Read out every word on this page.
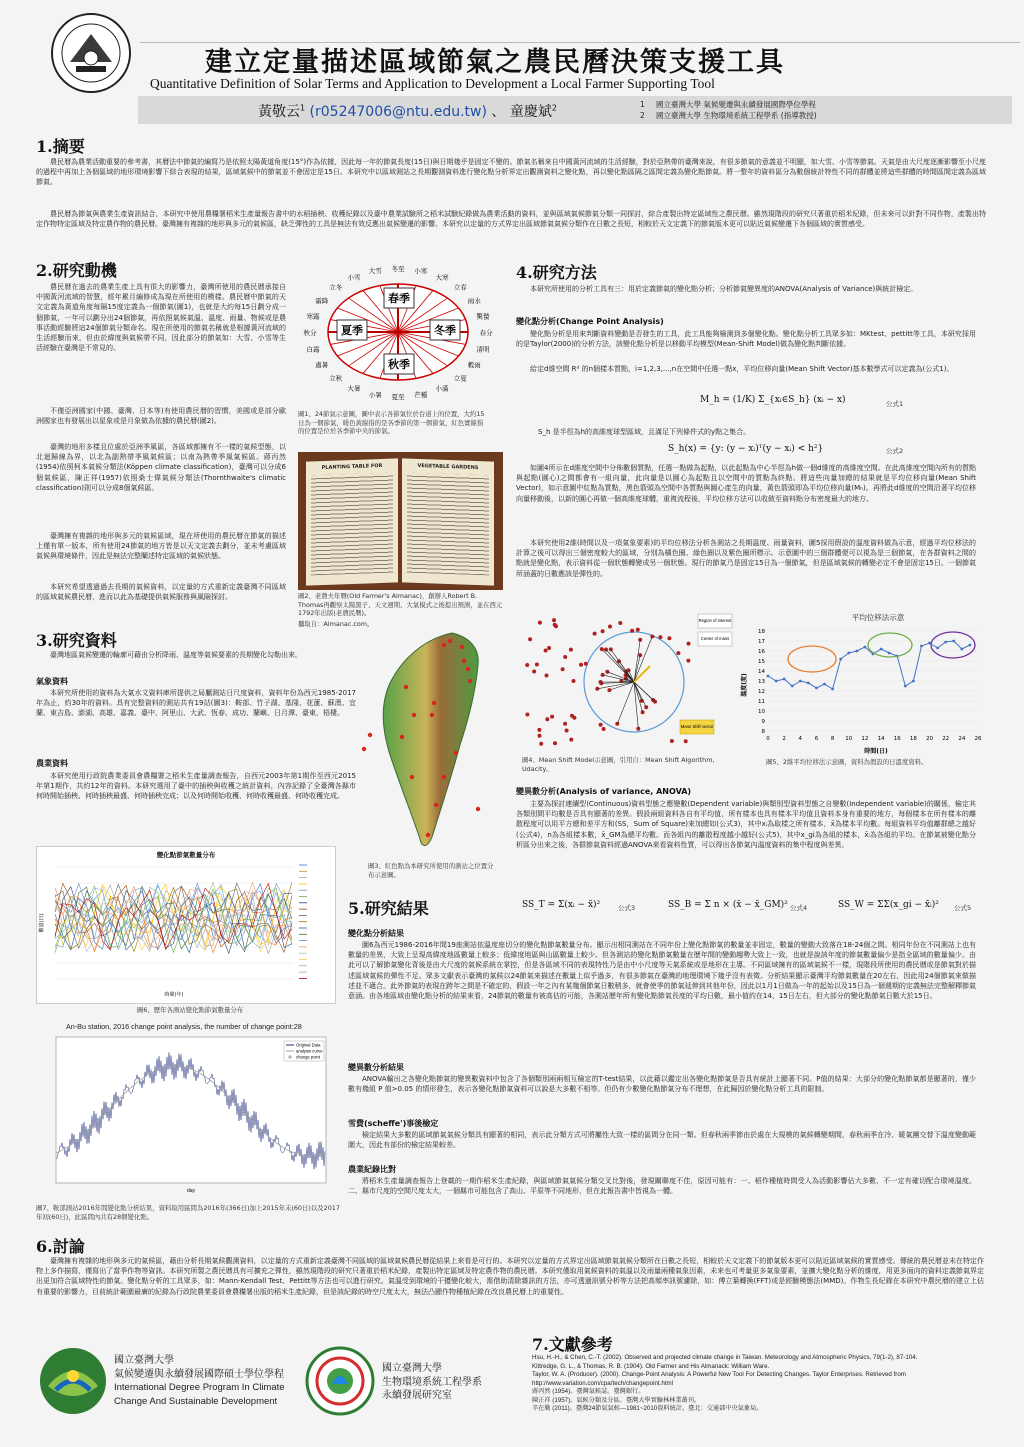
建立定量描述區域節氣之農民曆決策支援工具
Quantitative Definition of Solar Terms and Application to Development a Local Farmer Supporting Tool
黃敬云$^1$ (r05247006@ntu.edu.tw) 、 童慶斌$^2$	1 國立臺灣大學 氣候變遷與永續發展國際學位學程
2 國立臺灣大學 生物環境系統工程學系 (指導教授)
1.摘要
農民曆為農業活動重要的參考書，其曆法中節氣的編寫乃是依照太陽黃道角度(15°)作為依據，因此每一年的節氣長度(15日)與日期幾乎是固定不變的。節氣名稱來自中國黃河流域的生活經驗，對於亞熱帶的臺灣來說，有很多節氣的意義並不明顯，如大雪、小雪等節氣。天氣是由大尺度逐漸影響至小尺度的過程中再加上各個區域的地形環境影響下綜合表現的結果，區域氣候中的節氣並不會固定是15日。本研究中以區域測站之長期觀測資料進行變化點分析界定出觀測資料之變化點，再以變化點區隔之區間定義為變化點節氣。將一整年的資料區分為數個統計特性不同的群體並將這些群體的時間區間定義為區域節氣。
農民曆為節氣與農業生產資訊結合，本研究中使用農糧署稻米生產量報告書中的水稻插秧、收穫紀錄以及臺中農業試驗所之稻米試驗紀錄做為農業活動的資料，並與區域氣候節氣分類一同探討，綜合產製出特定區域性之農民曆。雖然現階段的研究只著重於稻米紀錄，但未來可以針對不同作物，產製出特定作物特定區域及特定農作物的農民曆。臺灣擁有複雜的地形與多元的氣候區，缺乏彈性的工具是無法有效反應出氣候變遷的影響。本研究以定量的方式界定出區域節氣氣候分類作在日數之長短，相較於天文定義下的節氣版本更可以貼近氣候變遷下各個區域的實質感受。
2.研究動機
農民曆在過去的農業生產上具有很大的影響力，臺灣所使用的農民曆承接自中國黃河流域的智慧，經年累月編修成為現在所使用的模樣。農民曆中節氣的天文定義為黃道角度每隔15度定義為一個節氣(圖1)，也就是大約每15日劃分成一個節氣，一年可以劃分出24個節氣，再依照氣候氣溫、溫度、雨量、物候或是農事活動經驗將這24個節氣分類命名。現在所使用的節氣名稱就是根據黃河流域的生活經驗而來，但由於緯度與氣候帶不同，因此部分的節氣如：大雪、小雪等生活經驗在臺灣是不常見的。
不僅亞洲國家(中國、臺灣、日本等)有使用農民曆的習慣，美國或是部分歐洲國家也有發展出以星象或是月象做為依據的農民曆(圖2)。
臺灣的地形多樣且位處於亞洲季風區，各區域都擁有不一樣的氣候型態，以北迴歸線為界，以北為副熱帶季風氣候區；以南為熱帶季風氣候區。蔣丙然(1954)依照柯本氣候分類法(Köppen climate classification)，臺灣可以分成6個氣候區，陳正祥(1957)依照桑士偉氣候分類法(Thornthwaite's climatic classification)則可以分成8個氣候區。
臺灣擁有複雜的地形與多元的氣候區域，現在所使用的農民曆在節氣的描述上僅有單一版本，所有使用24節氣的地方皆是以天文定義去劃分，並未考慮區域氣候與環境條件，因此是無法完整闡述特定區域的氣候狀態。
本研究希望透過過去長期的氣候資料，以定量的方式重新定義臺灣不同區域的區域氣候農民曆，進而以此為基礎提供氣候服務與風險探討。
夏季
春季
冬季
秋季
立春
雨水
驚蟄
春分
清明
穀雨
立夏
小滿
芒種
夏至
小暑
大暑
立秋
處暑
白露
秋分
寒露
霜降
立冬
小雪
大雪 冬至 小寒
大寒
圖1、24節氣示意圖，圖中表示各節氣位於台道上的位置，大約15日為一個節氣，暖色黃線指的是各季節的第一個節氣，紅色實線指的位置是位於各季節中央的節氣。
PLANTING TABLE FOR	VEGETABLE GARDENS
圖2、老農夫年曆(Old Farmer's Almanac)，創辦人Robert B. Thomas再觀察太陽黑子、天文週期、大氣模式之後提出預測，並在西元1792年出版(老農民曆)。
攝取自：Almanac.com。
3.研究資料
臺灣地區氣候變遷的輪廓可藉由分析降雨、溫度等氣候要素的長期變化勾勒出來。
氣象資料
本研究所使用的資料為大氣水文資料庫所提供之局屬測站日尺度資料，資料年份為西元1985-2017年為止，約30年的資料。具有完整資料的測站共有19站(圖3)：鞍部、竹子湖、基隆、花蓮、蘇澳、宜蘭、東吉島、澎湖、高雄、嘉義、臺中、阿里山、大武、恆春、成功、蘭嶼、日月潭、臺東、梧棲。
農業資料
本研究使用行政院農業委員會農糧署之稻米生產量調查報告，自西元2003年第1期作至西元2015年第1期作，共約12年的資料。本研究選用了臺中的插秧與收穫之統計資料，內容記錄了全臺灣各縣市何時開始插秧、何時插秧最盛、何時插秧完成；以及何時開始收穫、何時收穫最盛、何時收穫完成。
圖3、紅色點為本研究所使用的測站之位置分布示意圖。
變化點節氣數量分布
時間(年)
數量(日)
圖6、歷年各測站變化點節氣數量分布
An-Bu station, 2016 change point analysis, the number of change point:28
Original Data
analysis curve
change point
day
圖7、鞍部測站2016年間變化點分析結果，資料取用區間為2016年(366日)加上2015年末(60日)以及2017年初(60日)，此區間內共有28個變化點。
4.研究方法
本研究所使用的分析工具有三：用於定義節氣的變化點分析；分析節氣變異度的ANOVA(Analysis of Variance)與統計檢定。
變化點分析(Change Point Analysis)
變化點分析是用來判斷資料變動是否發生的工具，此工具能夠檢測到多個變化點。變化點分析工具眾多如：MKtest、pettitt等工具，本研究採用的是Taylor(2000)的分析方法，該變化點分析是以移動平均模型(Mean-Shift Model)做為變化點判斷依據。
給定d維空間 Rᵈ 的n個樣本質點，i=1,2,3,...,n在空間中任選一點x，平均位移向量(Mean Shift Vector)基本數學式可以定義為(公式1)。
M_h = (1/K) Σ_{xᵢ∈S_h} (xᵢ − x)	公式1
S_h 是半徑為h的高維度球型區域，且滿足下列條件式的y點之集合。
S_h(x) = {y: (y − xᵢ)ᵀ(y − xᵢ) < h²}	公式2
如圖4所示在d維度空間中分佈數個質點，任選一點做為起點，以此起點為中心半徑為h做一個d維度的高維度空間。在此高維度空間內所有的質點與起點(圓心)之間都會有一組向量，此向量是以圓心為起點且以空間中的質點為終點。將這些向量加總的結果就是平均位移向量(Mean Shift Vector)，如示意圖中紅點為質點，黑色箭頭為空間中各質點與圓心產生的向量，黃色箭頭即為平均位移向量(Mₕ)。再將此d維度的空間沿著平均位移向量移動後，以新的圓心再做一個高維度球體，重複流程後，平均位移方法可以收斂至資料點分布密度最大的地方。
本研究使用2維(時間以及一項氣象要素)的平均位移法分析各測站之長期溫度、雨量資料，圖5採用假設的溫度資料做為示意，經過平均位移法的計算之後可以得出三個密度較大的區域，分別為橘色圈、綠色圈以及紫色圈所標示。示意圖中的三個群體便可以視為是三個節氣，在各群資料之間的點就是變化點，表示資料從一個狀態轉變成另一個狀態。現行的節氣乃是固定15日為一個節氣，但是區域氣候的轉變必定不會是固定15日。一個節氣所涵蓋的日數應該是彈性的。
Region of interest
Center of mass
Mean Shift vector
圖4、Mean Shift Model示意圖，引用自：Mean Shift Algorithm, Udacity。
平均位移法示意
8
9
10
11
12
13
14
15
16
17
18
0 2 4 6 8 10 12 14 16 18 20 22 24 26
時間(日)
溫度(度)
圖5、2維平均位移法示意圖，資料為假設的日溫度資料。
變異數分析(Analysis of variance, ANOVA)
主要為探討連續型(Continuous)資料型態之應變數(Dependent variable)與類別型資料型態之自變數(Independent variable)的關係，檢定其各類別間平均數是否具有顯著的差異。假設兩組資料各自有平均值，所有樣本也具有樣本平均值且資料本身有重要的地方，每個樣本在所有樣本的離散程度可以用平方總和差平方和(SS，Sum of Square)來加總如(公式3)，其中xᵢ為取樣之所有樣本，x̄為樣本平均數。每組資料平均值離群總之越好(公式4)，n為各組樣本數，x̄_GM為總平均數。而各組內的離散程度越小越好(公式5)，其中x_gi為各組的樣本，x̄ᵢ為各組的平均。在節氣被變化點分析區分出來之後，各群節氣資料經過ANOVA來看資料性質，可以得出各節氣內溫度資料的集中程度與差異。
SS_T = Σ(xᵢ − x̄)²	公式3	SS_B = Σ n × (x̄ − x̄_GM)² 公式4	SS_W = ΣΣ(x_gi − x̄ᵢ)² 公式5
5.研究結果
變化點分析結果
圖6為西元1986-2016年間19座測站依溫度座切分的變化點節氣數量分布。顯示出相同測站在不同年份上變化點節氣的數量並非固定，數量的變動大致落在18-24個之間。相同年份在不同測站上也有數量的差異，大致上呈現高緯度地區數量上較多；低緯度地區與山區數量上較少。但各測站的變化點節氣數量在歷年間的變動趨勢大致上一致，也就是說該年度的節氣數量偏少是指全區域的數量偏少。由此可以了解節氣變化背後是由大尺度的氣候系統在掌控，但是各區域不同的表現特性乃是由中小尺度等天氣系統或是地形在主導。不同區域擁有的區域氣候不一樣，現階段所使用的農民曆或是節氣對於描述區域氣候的彈性不足。眾多文獻表示臺灣的氣候以24節氣來描述在數量上似乎過多，有很多節氣在臺灣的地理環境下幾乎沒有表徵。分析結果顯示臺灣平均節氣數量在20左右，因此用24個節氣來做描述並不適合。此外節氣的表現在跨年之間是不確定的，假設一年之內有某幾個節氣日數稍多，就會使季的節氣延伸到其他年份，因此以1月1日做為一年的起始以及15日為一個週期的定義無法完整解釋節氣意涵。由各地區域由變化點分析的結果來看，24節氣的數量有被高估的可能，各測站歷年所有變化點節氣長度的平均日數，最小值約在14、15日左右，但大部分的變化點節氣日數大於15日。
變異數分析結果
ANOVA輸出之各變化點節氣的變異數資料中包含了各個類別兩兩相互檢定的T-test結果，以此藉以鑑定出各變化點節氣是否具有統計上顯著不同。P值的結果：大部分的變化點節氣都是顯著的，僅少數有幾組 P 值>0.05 的情形發生，表示各變化點節氣資料可以說是大多數不相等。但仍有少數變化點節氣分布不理想，在此歸因於變化點分析工具的限制。
雪費(scheffe')事後檢定
檢定結果大多數的區域節氣氣候分類具有顯著的相同，表示此分類方式可將屬性大致一樣的區間分在同一類。但春秋兩季節由於處在大規模的氣候轉變期間，春秋兩季在冷、暖氣團交替下溫度變動範圍大，因此有部份的檢定結果較差。
農業紀錄比對
將稻米生產量調查報告上登載的一期作稻米生產紀錄，與區域節氣氣候分類交叉比對後，發現關聯度不佳，原因可能有：一、稻作種植時間受人為活動影響佔大多數，不一定有確切配合環境溫度。二、縣市尺度的空間尺度太大，一個縣市可能包含了高山、平原等不同地形，但在此報告書中皆視為一體。
6.討論
臺灣擁有複雜的地形與多元的氣候區，藉由分析長期氣候觀測資料，以定量的方式重新定義臺灣不同區域的區域氣候農民曆從結果上來看是可行的。本研究以定量的方式界定出區域節氣氣候分類所在日數之長短，相較於天文定義下的節氣版本更可以貼近區域氣候的實質感受。傳統的農民曆並未在特定作物上多作描寫，僅寫出了當季作物等資訊。本研究所製之農民曆具有可擴充之彈性，雖然現階段的研究只著重於稻米紀錄，產製出特定區域及特定農作物的農民曆。本研究僅取用氣候資料的氣溫以及雨量兩種氣象因素，未來也可考量更多氣象要素，並擴大變化點分析的維度，用更多面向的資料定義節氣界定出更加符合區域特性的節氣。變化點分析的工具眾多，如：Mann-Kendall Test、Pettitt等方法也可以進行研究。氣溫受到環境的干擾變化較大，需借助清除雜訊的方法，亦可透過訊號分析等方法把高頻率訊號濾除，如：傅立葉轉換(FFT)或是經驗模態法(MMD)。作物生長紀錄在本研究中農民曆的建立上佔有重要的影響力，目前統計範圍最廣的紀錄為行政院農業委員會農糧署出版的稻米生產紀錄，但是該紀錄的時空尺度太大，無法凸顯作物種植紀錄在改良農民曆上的重要性。
國立臺灣大學
氣候變遷與永續發展國際碩士學位學程
International Degree Program In Climate
Change And Sustainable Development
國立臺灣大學
生物環境系統工程學系
永續發展研究室
7.文獻參考
Hsu, H.-H., & Chen, C.-T. (2002). Observed and projected climate change in Taiwan. Meteorology and Atmospheric Physics, 79(1-2), 87-104.
Kittredge, G. L., & Thomas, R. B. (1904). Old Farmer and His Almanack: William Ware.
Taylor, W. A. (Producer). (2000). Change-Point Analysis: A Powerful New Tool For Detecting Changes. Taylor Enterprises. Retrieved from http://www.variation.com/cpa/tech/changepoint.html
蔣丙然 (1954)。臺灣氣候誌。臺灣銀行。
陳正祥 (1957)。氣候分類及分區。臺灣大學實驗林林業叢刊。
辛在勤 (2011)。臺灣24節氣氣候---1981~2010資料統計。臺北：交通部中央氣象局。
